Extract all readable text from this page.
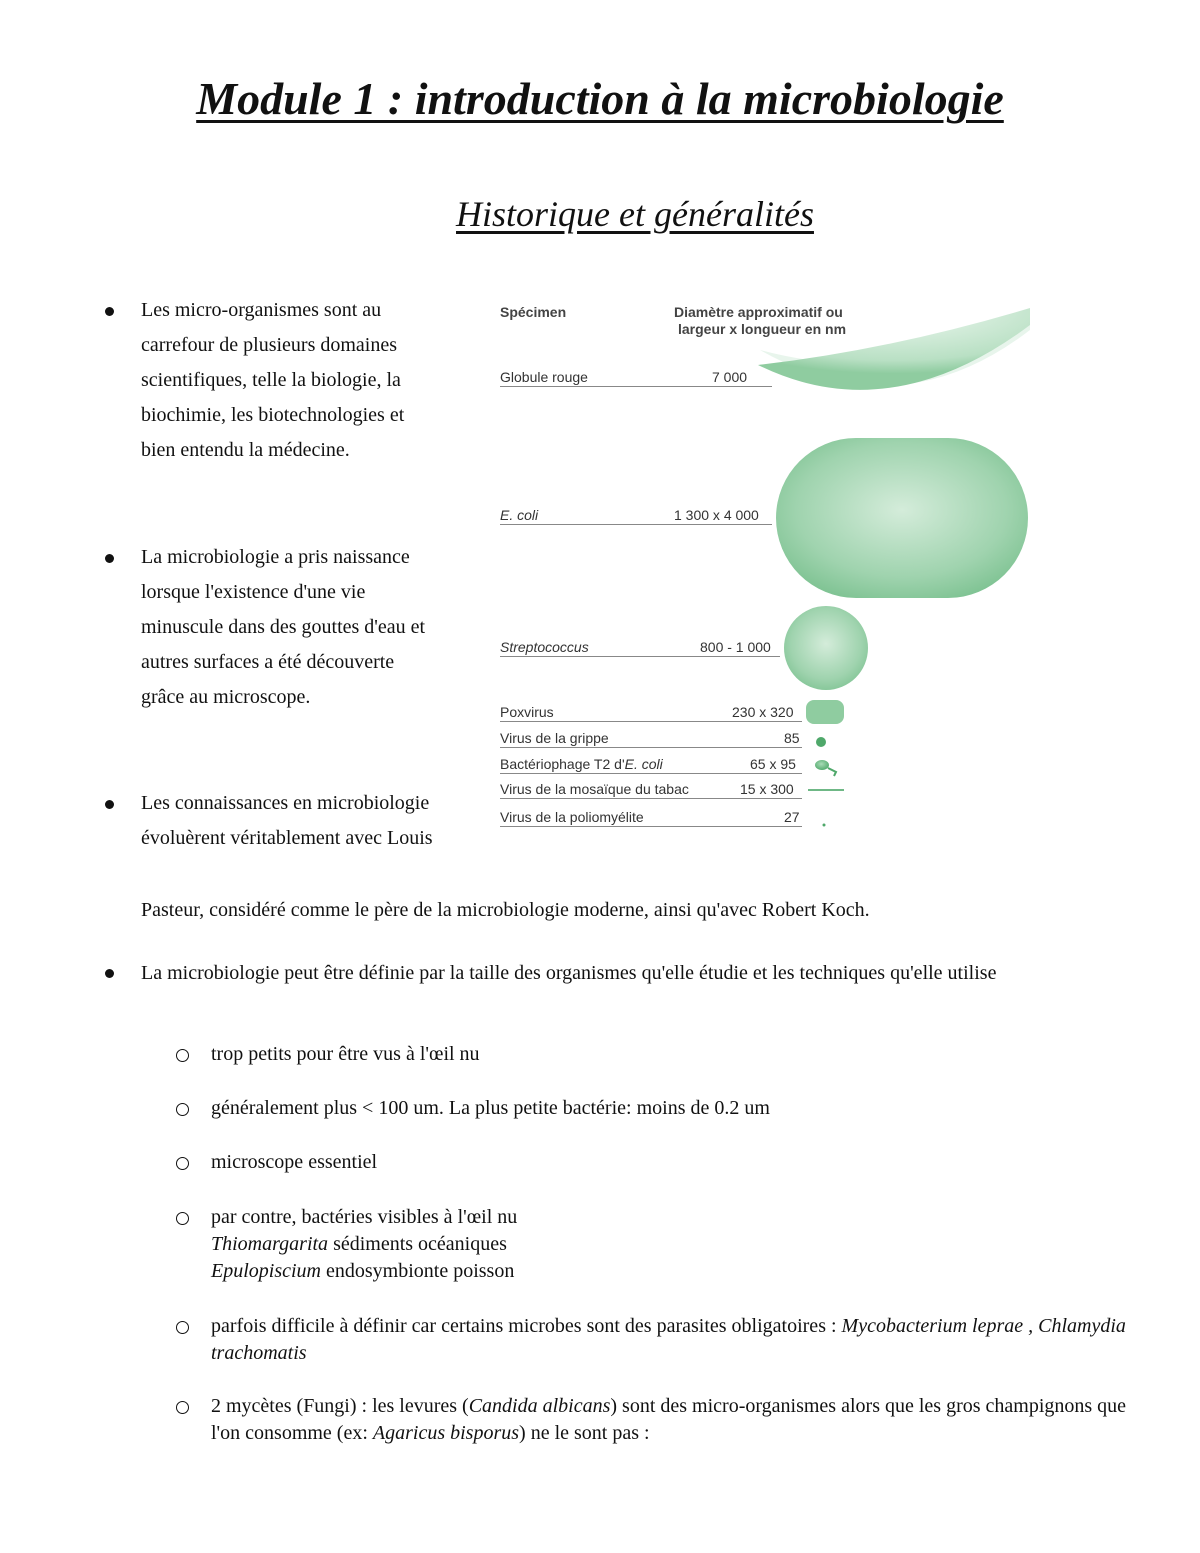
Module 1 : introduction à la microbiologie
Historique et généralités
Les micro-organismes sont au carrefour de plusieurs domaines scientifiques, telle la biologie, la biochimie, les biotechnologies et bien entendu la médecine.
La microbiologie a pris naissance lorsque l'existence d'une vie minuscule dans des gouttes d'eau et autres surfaces a été découverte grâce au microscope.
Les connaissances en microbiologie évoluèrent véritablement avec Louis
Pasteur, considéré comme le père de la microbiologie moderne, ainsi qu'avec Robert Koch.
La microbiologie peut être définie par la taille des organismes qu'elle étudie et les techniques qu'elle utilise
trop petits pour être vus à l'œil nu
généralement plus < 100 um. La plus petite bactérie: moins de 0.2 um
microscope essentiel
par contre, bactéries visibles à l'œil nu
Thiomargarita sédiments océaniques
Epulopiscium endosymbionte poisson
parfois difficile à définir car certains microbes sont des parasites obligatoires : Mycobacterium leprae , Chlamydia trachomatis
2 mycètes (Fungi) : les levures (Candida albicans) sont des micro-organismes alors que les gros champignons que l'on consomme (ex: Agaricus bisporus) ne le sont pas :
Spécimen	Diamètre approximatif ou
largeur x longueur en nm
Globule rouge	7 000
E. coli	1 300 x 4 000
Streptococcus	800 - 1 000
Poxvirus	230 x 320
Virus de la grippe	85
Bactériophage T2 d'E. coli	65 x 95
Virus de la mosaïque du tabac	15 x 300
Virus de la poliomyélite	27
